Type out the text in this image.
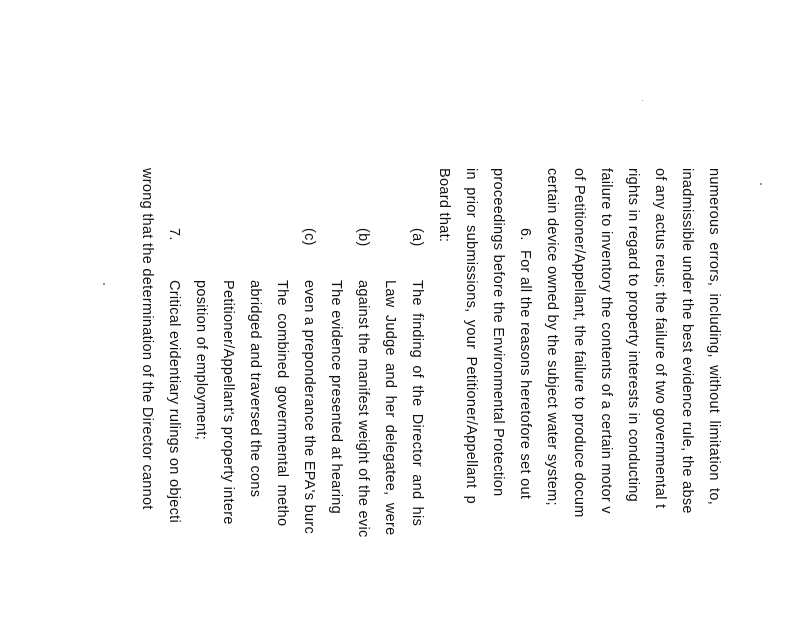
numerous errors, including, without limitation to,
inadmissible under the best evidence rule, the abse
of any actus reus; the failure of two governmental t
rights in regard to property interests in conducting
failure to inventory the contents of a certain motor v
of Petitioner/Appellant, the failure to produce docum
certain device owned by the subject water system;
6.
For all the reasons heretofore set out
proceedings before the Environmental Protection
in prior submissions, your Petitioner/Appellant p
Board that:
(a)
The finding of the Director and his
Law Judge and her delegatee, were
(b)
against the manifest weight of the evic
The evidence presented at hearing
(c)
even a preponderance the EPA's burc
The combined governmental metho
abridged and traversed the cons
Petitioner/Appellant's property intere
position of employment;
7.
Critical evidentiary rulings on objecti
wrong that the determination of the Director cannot
